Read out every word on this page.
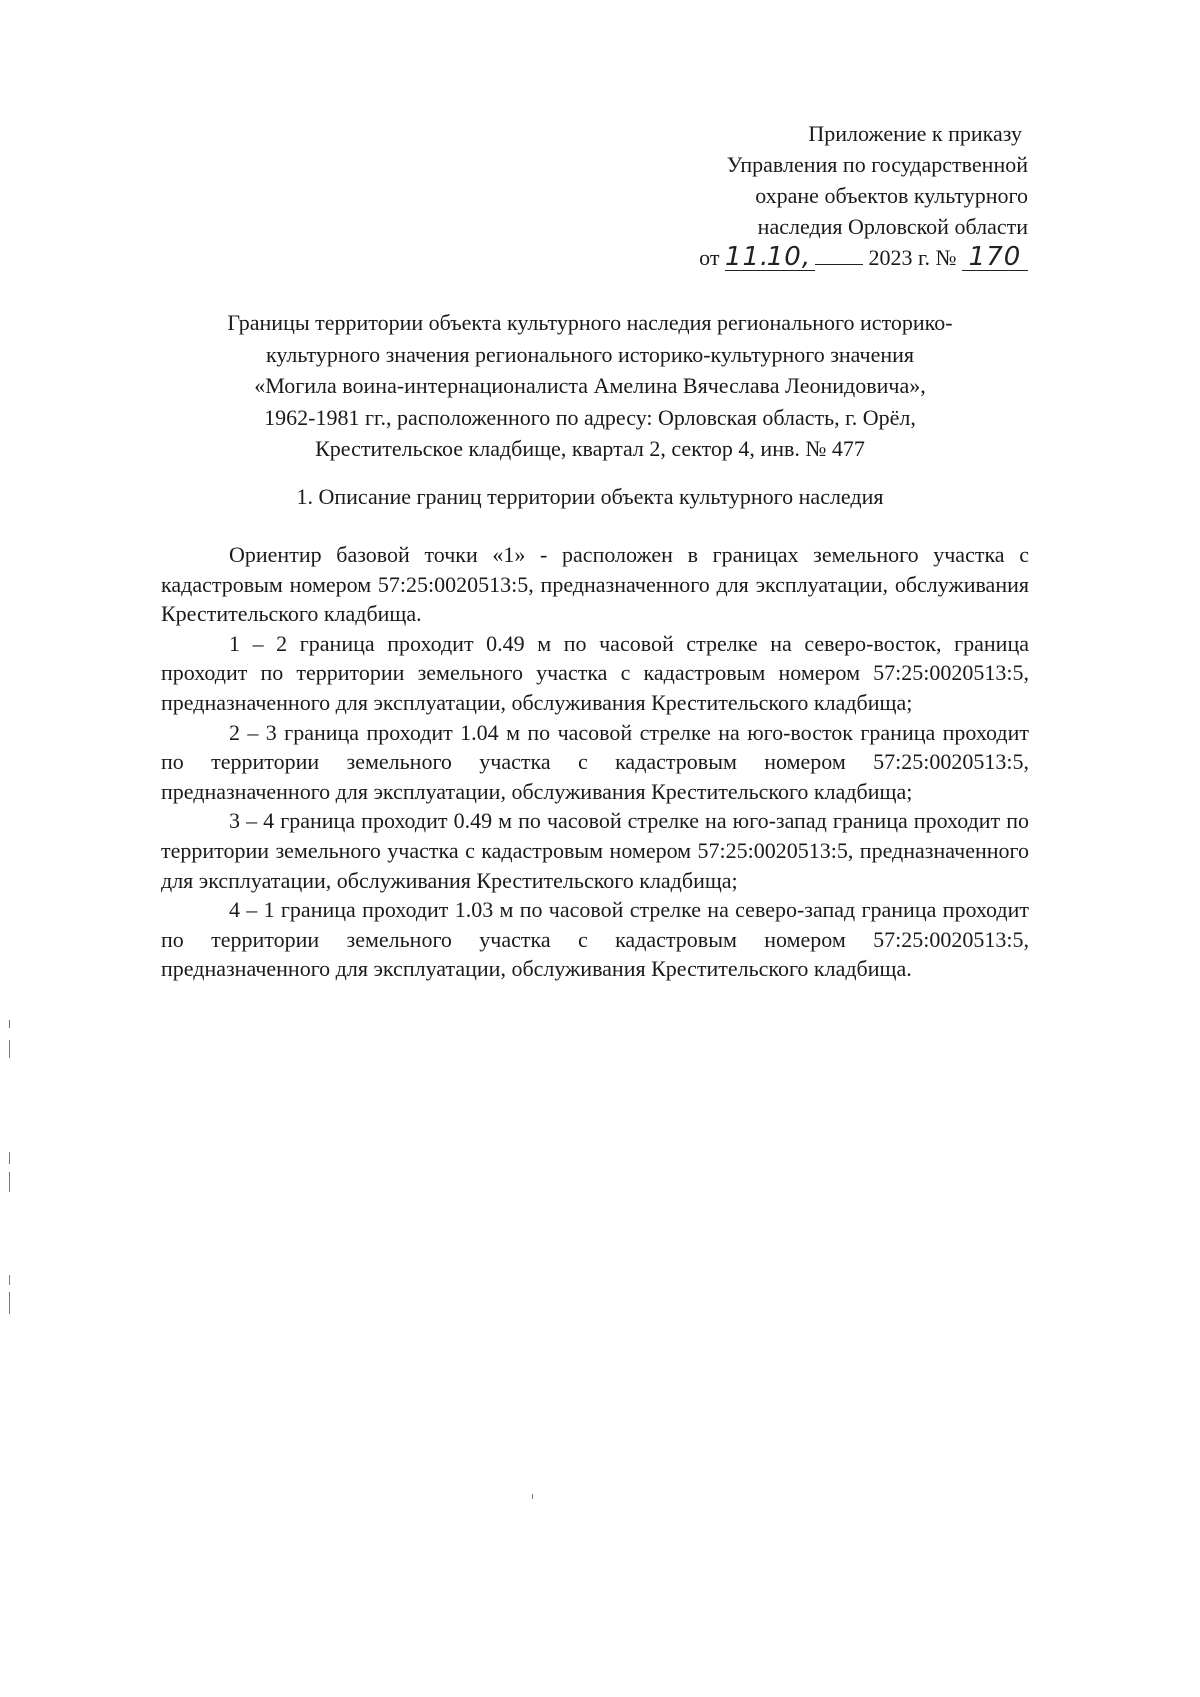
Приложение к приказу
Управления по государственной
охране объектов культурного
наследия Орловской области
от 11.10,	2023 г. № 170
Границы территории объекта культурного наследия регионального историко-
культурного значения регионального историко-культурного значения
«Могила воина-интернационалиста Амелина Вячеслава Леонидовича»,
1962-1981 гг., расположенного по адресу: Орловская область, г. Орёл,
Крестительское кладбище, квартал 2, сектор 4, инв. № 477
1. Описание границ территории объекта культурного наследия

Ориентир базовой точки «1» - расположен в границах земельного участка с кадастровым номером 57:25:0020513:5, предназначенного для эксплуатации, обслуживания Крестительского кладбища.

1 – 2 граница проходит 0.49 м по часовой стрелке на северо-восток, граница проходит по территории земельного участка с кадастровым номером 57:25:0020513:5, предназначенного для эксплуатации, обслуживания Крестительского кладбища;

2 – 3 граница проходит 1.04 м по часовой стрелке на юго-восток граница проходит по территории земельного участка с кадастровым номером 57:25:0020513:5, предназначенного для эксплуатации, обслуживания Крестительского кладбища;

3 – 4 граница проходит 0.49 м по часовой стрелке на юго-запад граница проходит по территории земельного участка с кадастровым номером 57:25:0020513:5, предназначенного для эксплуатации, обслуживания Крестительского кладбища;

4 – 1 граница проходит 1.03 м по часовой стрелке на северо-запад граница проходит по территории земельного участка с кадастровым номером 57:25:0020513:5, предназначенного для эксплуатации, обслуживания Крестительского кладбища.
